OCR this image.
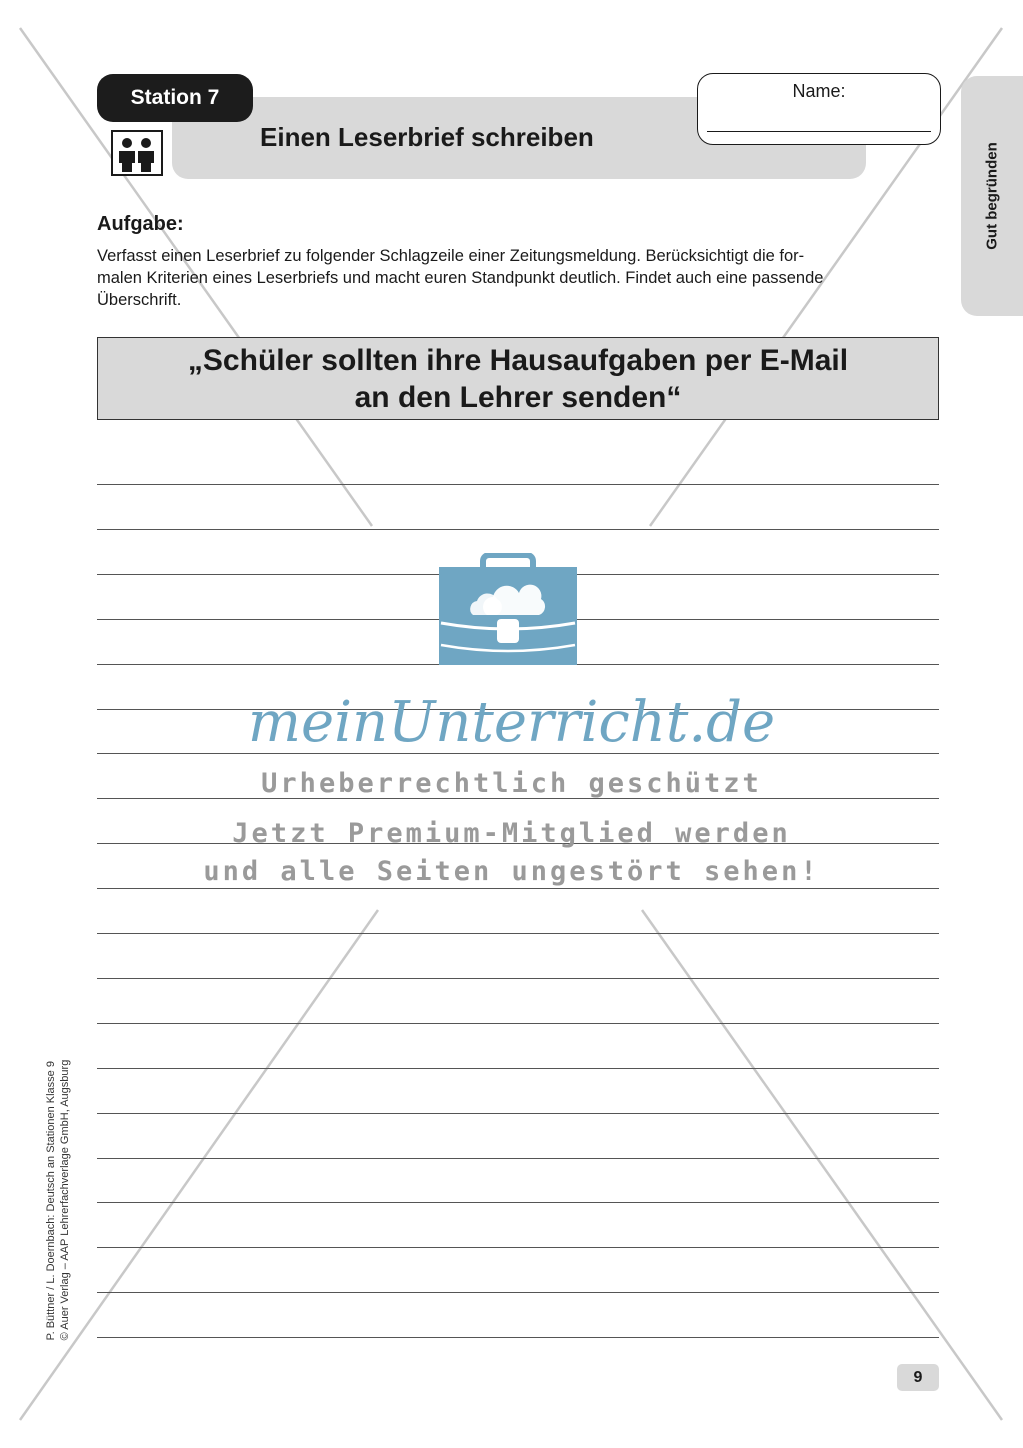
Einen Leserbrief schreiben
Station 7	Name:
Gut begründen
Aufgabe:

Verfasst einen Leserbrief zu folgender Schlagzeile einer Zeitungsmeldung. Berücksichtigt die for-
malen Kriterien eines Leserbriefs und macht euren Standpunkt deutlich. Findet auch eine passende
Überschrift.

„Schüler sollten ihre Hausaufgaben per E-Mail
an den Lehrer senden“
meinUnterricht.de
Urheberrechtlich geschützt
Jetzt Premium-Mitglied werden
und alle Seiten ungestört sehen!
P. Büttner / L. Doernbach: Deutsch an Stationen Klasse 9 © Auer Verlag – AAP Lehrerfachverlage GmbH, Augsburg
9
